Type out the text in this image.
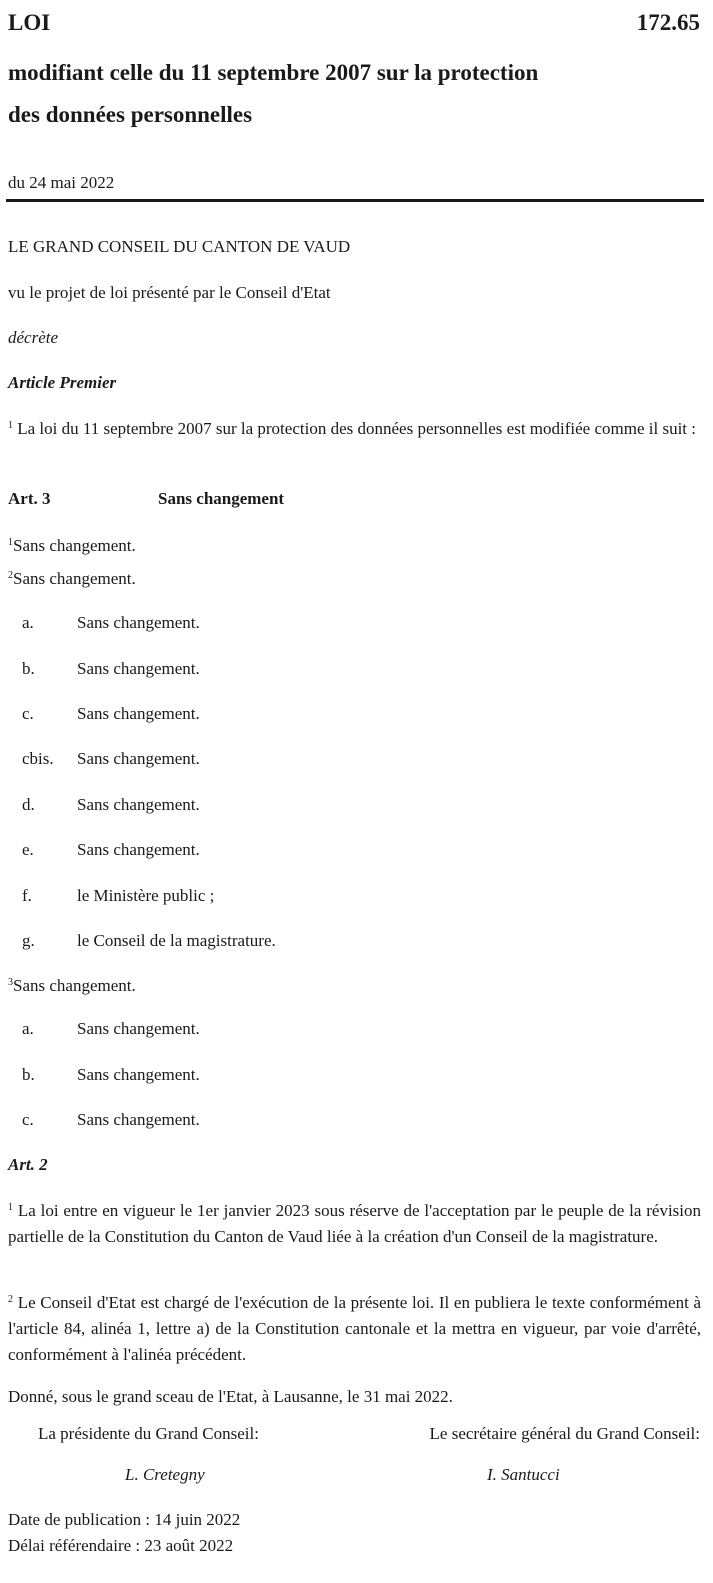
LOI	172.65
modifiant celle du 11 septembre 2007 sur la protection
des données personnelles
du 24 mai 2022
LE GRAND CONSEIL DU CANTON DE VAUD
vu le projet de loi présenté par le Conseil d'Etat
décrète
Article Premier
$^1$ La loi du 11 septembre 2007 sur la protection des données personnelles est modifiée comme il suit :
Art. 3	Sans changement
$^1$Sans changement.
$^2$Sans changement.
a.	Sans changement.
b. Sans changement.
c.	Sans changement.
cbis. Sans changement.
d. Sans changement.
e.	Sans changement.
f.	le Ministère public ;
g. le Conseil de la magistrature.
$^3$Sans changement.
a.	Sans changement.
b. Sans changement.
c.	Sans changement.
Art. 2
$^1$ La loi entre en vigueur le 1er janvier 2023 sous réserve de l'acceptation par le peuple de la révision partielle de la Constitution du Canton de Vaud liée à la création d'un Conseil de la magistrature.
$^2$ Le Conseil d'Etat est chargé de l'exécution de la présente loi. Il en publiera le texte conformément à l'article 84, alinéa 1, lettre a) de la Constitution cantonale et la mettra en vigueur, par voie d'arrêté, conformément à l'alinéa précédent.
Donné, sous le grand sceau de l'Etat, à Lausanne, le 31 mai 2022.
La présidente du Grand Conseil:	Le secrétaire général du Grand Conseil:
L. Cretegny	I. Santucci
Date de publication : 14 juin 2022
Délai référendaire : 23 août 2022
